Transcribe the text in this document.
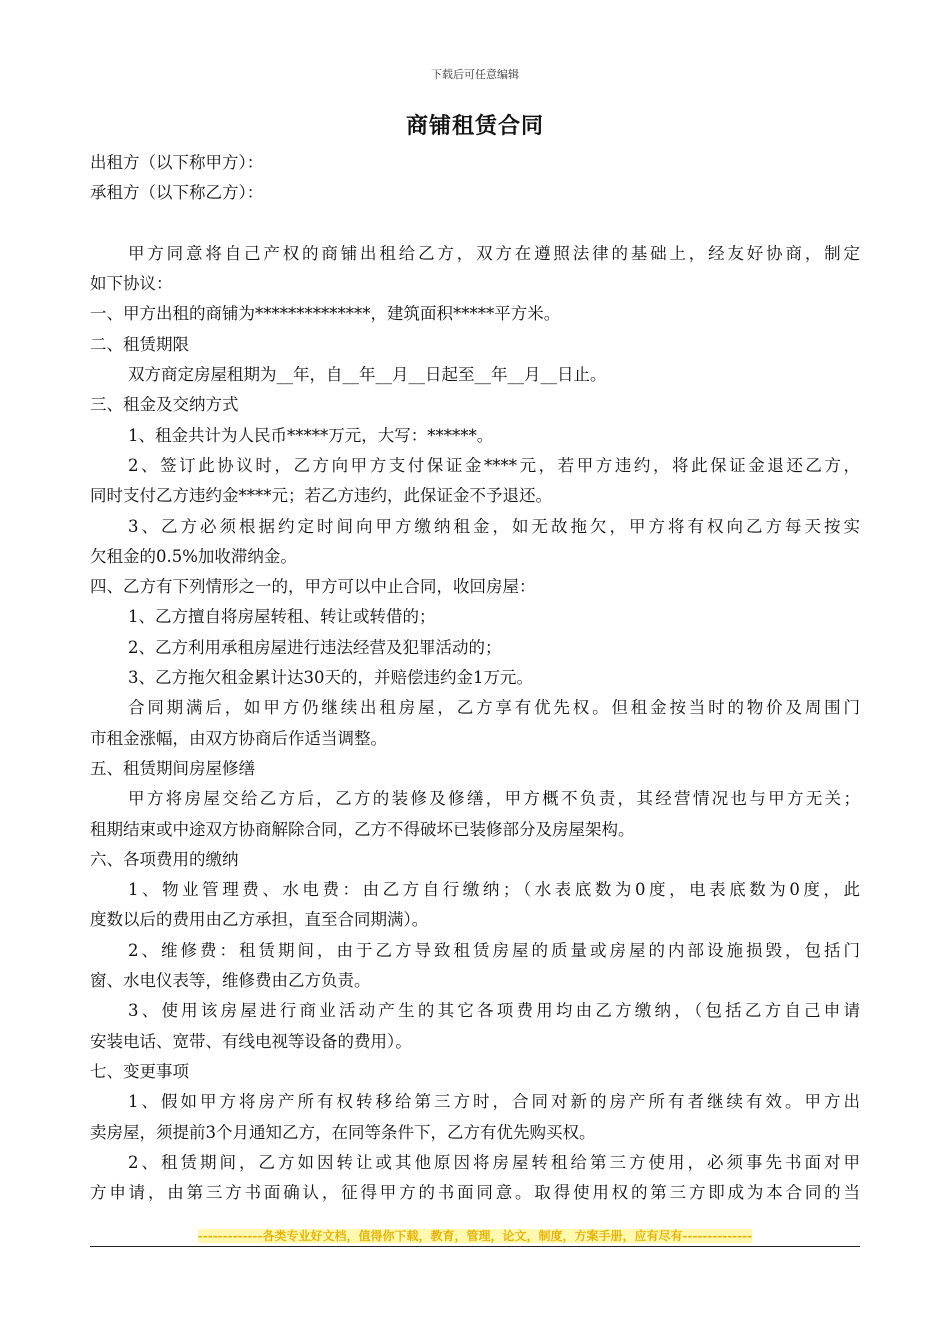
下载后可任意编辑
商铺租赁合同
出租方（以下称甲方）：
承租方（以下称乙方）：
甲方同意将自己产权的商铺出租给乙方，双方在遵照法律的基础上，经友好协商，制定
如下协议：
一、甲方出租的商铺为**************，建筑面积*****平方米。
二、租赁期限
双方商定房屋租期为__年，自__年__月__日起至__年__月__日止。
三、租金及交纳方式
1、租金共计为人民币*****万元，大写：******。
2、签订此协议时，乙方向甲方支付保证金****元，若甲方违约，将此保证金退还乙方，
同时支付乙方违约金****元；若乙方违约，此保证金不予退还。
3、乙方必须根据约定时间向甲方缴纳租金，如无故拖欠，甲方将有权向乙方每天按实
欠租金的0.5%加收滞纳金。
四、乙方有下列情形之一的，甲方可以中止合同，收回房屋：
1、乙方擅自将房屋转租、转让或转借的；
2、乙方利用承租房屋进行违法经营及犯罪活动的；
3、乙方拖欠租金累计达30天的，并赔偿违约金1万元。
合同期满后，如甲方仍继续出租房屋，乙方享有优先权。但租金按当时的物价及周围门
市租金涨幅，由双方协商后作适当调整。
五、租赁期间房屋修缮
甲方将房屋交给乙方后，乙方的装修及修缮，甲方概不负责，其经营情况也与甲方无关；
租期结束或中途双方协商解除合同，乙方不得破坏已装修部分及房屋架构。
六、各项费用的缴纳
1、物业管理费、水电费：由乙方自行缴纳；（水表底数为0度，电表底数为0度，此
度数以后的费用由乙方承担，直至合同期满）。
2、维修费：租赁期间，由于乙方导致租赁房屋的质量或房屋的内部设施损毁，包括门
窗、水电仪表等，维修费由乙方负责。
3、使用该房屋进行商业活动产生的其它各项费用均由乙方缴纳，（包括乙方自己申请
安装电话、宽带、有线电视等设备的费用）。
七、变更事项
1、假如甲方将房产所有权转移给第三方时，合同对新的房产所有者继续有效。甲方出
卖房屋，须提前3个月通知乙方，在同等条件下，乙方有优先购买权。
2、租赁期间，乙方如因转让或其他原因将房屋转租给第三方使用，必须事先书面对甲
方申请，由第三方书面确认，征得甲方的书面同意。取得使用权的第三方即成为本合同的当
-------------各类专业好文档，值得你下载，教育，管理，论文，制度，方案手册，应有尽有--------------
